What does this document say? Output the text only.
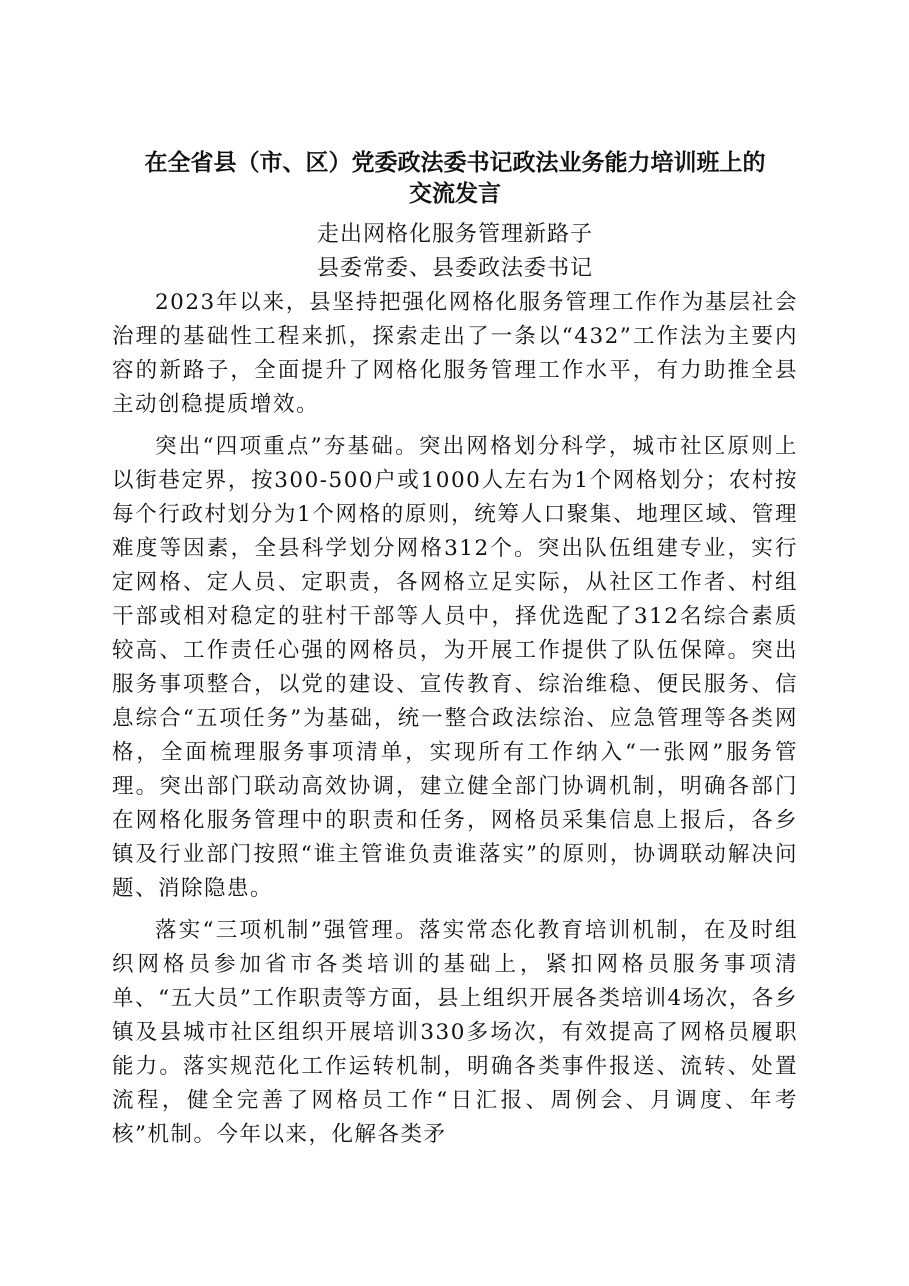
在全省县（市、区）党委政法委书记政法业务能力培训班上的
交流发言

走出网格化服务管理新路子

县委常委、县委政法委书记

2023年以来，县坚持把强化网格化服务管理工作作为基层社会治理的基础性工程来抓，探索走出了一条以“432”工作法为主要内容的新路子，全面提升了网格化服务管理工作水平，有力助推全县主动创稳提质增效。

突出“四项重点”夯基础。突出网格划分科学，城市社区原则上以街巷定界，按300-500户或1000人左右为1个网格划分；农村按每个行政村划分为1个网格的原则，统筹人口聚集、地理区域、管理难度等因素，全县科学划分网格312个。突出队伍组建专业，实行定网格、定人员、定职责，各网格立足实际，从社区工作者、村组干部或相对稳定的驻村干部等人员中，择优选配了312名综合素质较高、工作责任心强的网格员，为开展工作提供了队伍保障。突出服务事项整合，以党的建设、宣传教育、综治维稳、便民服务、信息综合“五项任务”为基础，统一整合政法综治、应急管理等各类网格，全面梳理服务事项清单，实现所有工作纳入“一张网”服务管理。突出部门联动高效协调，建立健全部门协调机制，明确各部门在网格化服务管理中的职责和任务，网格员采集信息上报后，各乡镇及行业部门按照“谁主管谁负责谁落实”的原则，协调联动解决问题、消除隐患。

落实“三项机制”强管理。落实常态化教育培训机制，在及时组织网格员参加省市各类培训的基础上，紧扣网格员服务事项清单、“五大员”工作职责等方面，县上组织开展各类培训4场次，各乡镇及县城市社区组织开展培训330多场次，有效提高了网格员履职能力。落实规范化工作运转机制，明确各类事件报送、流转、处置流程，健全完善了网格员工作“日汇报、周例会、月调度、年考核”机制。今年以来，化解各类矛
